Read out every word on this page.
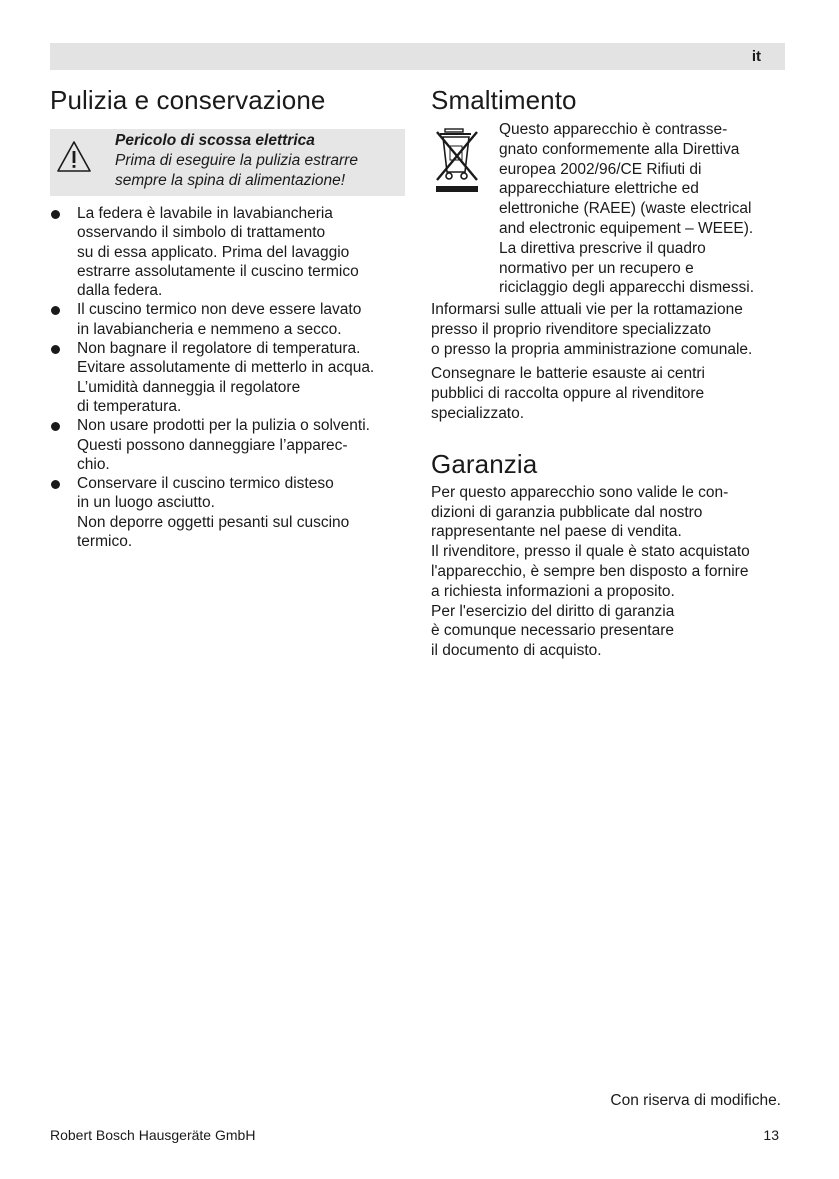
it
Pulizia e conservazione
Pericolo di scossa elettrica
Prima di eseguire la pulizia estrarre
sempre la spina di alimentazione!
La federa è lavabile in lavabiancheria
osservando il simbolo di trattamento
su di essa applicato. Prima del lavaggio
estrarre assolutamente il cuscino termico
dalla federa.
Il cuscino termico non deve essere lavato
in lavabiancheria e nemmeno a secco.
Non bagnare il regolatore di temperatura.
Evitare assolutamente di metterlo in acqua.
L’umidità danneggia il regolatore
di temperatura.
Non usare prodotti per la pulizia o solventi.
Questi possono danneggiare l’apparec-
chio.
Conservare il cuscino termico disteso
in un luogo asciutto.
Non deporre oggetti pesanti sul cuscino
termico.
Smaltimento
Questo apparecchio è contrasse-
gnato conformemente alla Direttiva
europea 2002/96/CE Rifiuti di
apparecchiature elettriche ed
elettroniche (RAEE) (waste electrical
and electronic equipement – WEEE).
La direttiva prescrive il quadro
normativo per un recupero e
riciclaggio degli apparecchi dismessi.
Informarsi sulle attuali vie per la rottamazione
presso il proprio rivenditore specializzato
o presso la propria amministrazione comunale.
Consegnare le batterie esauste ai centri
pubblici di raccolta oppure al rivenditore
specializzato.
Garanzia
Per questo apparecchio sono valide le con-
dizioni di garanzia pubblicate dal nostro
rappresentante nel paese di vendita.
Il rivenditore, presso il quale è stato acquistato
l'apparecchio, è sempre ben disposto a fornire
a richiesta informazioni a proposito.
Per l'esercizio del diritto di garanzia
è comunque necessario presentare
il documento di acquisto.
Con riserva di modifiche.
Robert Bosch Hausgeräte GmbH	13
